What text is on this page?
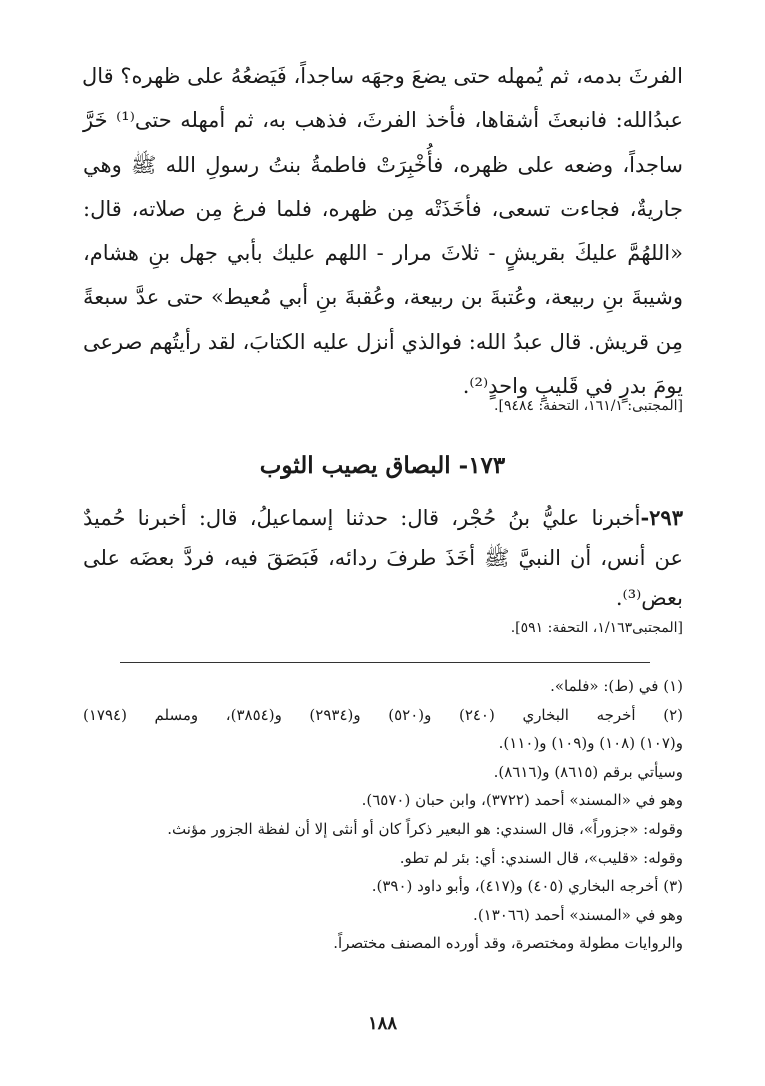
الفرثَ بدمه، ثم يُمهله حتى يضعَ وجهَه ساجداً، فَيَضعُهُ على ظهره؟ قال
عبدُالله: فانبعثَ أشقاها، فأخذ الفرثَ، فذهب به، ثم أمهله حتى⁽¹⁾ خَرَّ
ساجداً، وضعه على ظهره، فأُخْبِرَتْ فاطمةُ بنتُ رسولِ الله ﷺ وهي
جاريةٌ، فجاءت تسعى، فأخَذَتْه مِن ظهره، فلما فرغ مِن صلاته، قال:
«اللهُمَّ عليكَ بقريشٍ - ثلاثَ مرار - اللهم عليك بأبي جهل بنِ هشام،
وشيبةَ بنِ ربيعة، وعُتبةَ بن ربيعة، وعُقبةَ بنِ أبي مُعيط» حتى عدَّ سبعةً
مِن قريش. قال عبدُ الله: فوالذي أنزل عليه الكتابَ، لقد رأيتُهم صرعى
يومَ بدرٍ في قَليبٍ واحدٍ⁽²⁾.

[المجتبى: ١٦١/١، التحفة: ٩٤٨٤].

١٧٣- البصاق يصيب الثوب
٢٩٣-أخبرنا عليُّ بنُ حُجْر، قال: حدثنا إسماعيلُ، قال: أخبرنا حُميدٌ
عن أنس، أن النبيَّ ﷺ أخَذَ طرفَ ردائه، فَبَصَقَ فيه، فردَّ بعضَه على
بعض⁽³⁾.

[المجتبى١/١٦٣، التحفة: ٥٩١].

(١) في (ط): «فلما».
(٢) أخرجه البخاري (٢٤٠) و(٥٢٠) و(٢٩٣٤) و(٣٨٥٤)، ومسلم (١٧٩٤)
و(١٠٧) (١٠٨) و(١٠٩) و(١١٠).
وسيأتي برقم (٨٦١٥) و(٨٦١٦).
وهو في «المسند» أحمد (٣٧٢٢)، وابن حبان (٦٥٧٠).
وقوله: «جزوراً»، قال السندي: هو البعير ذكراً كان أو أنثى إلا أن لفظة الجزور مؤنث.
وقوله: «قليب»، قال السندي: أي: بئر لم تطو.
(٣) أخرجه البخاري (٤٠٥) و(٤١٧)، وأبو داود (٣٩٠).
وهو في «المسند» أحمد (١٣٠٦٦).
والروايات مطولة ومختصرة، وقد أورده المصنف مختصراً.

١٨٨
